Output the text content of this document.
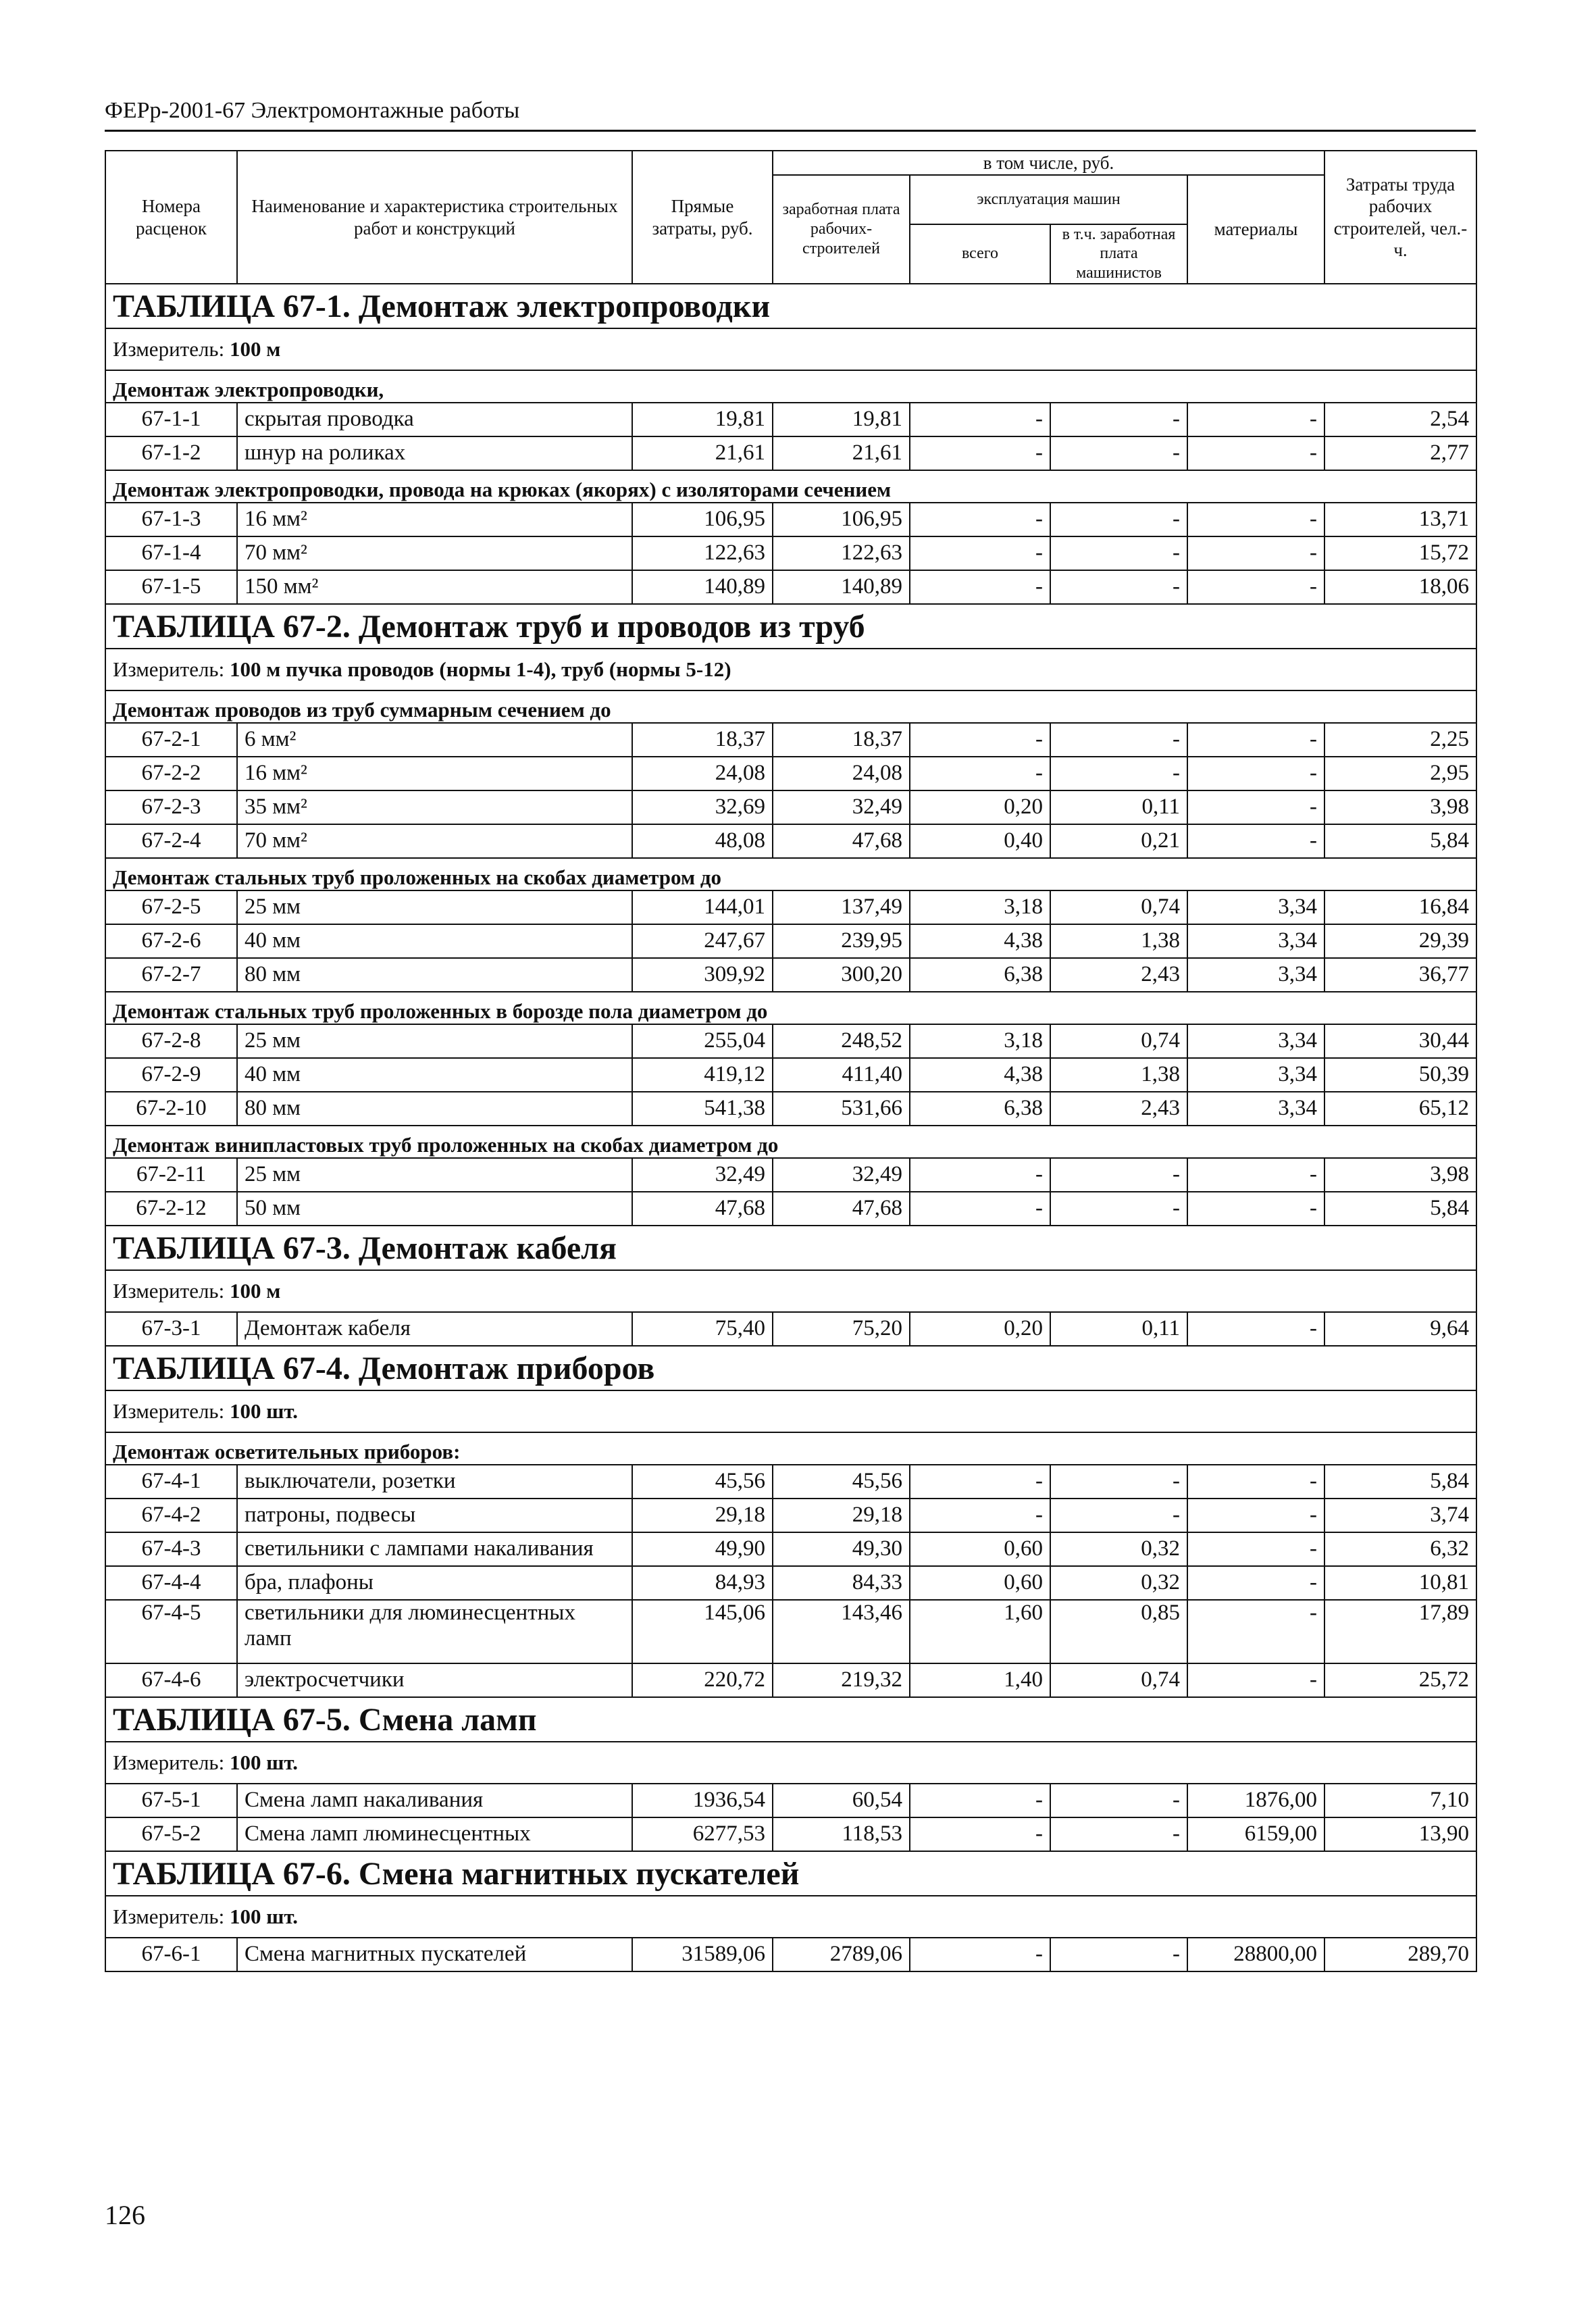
ФЕРр-2001-67 Электромонтажные работы
Номера расценок	Наименование и характеристика строительных работ и конструкций	Прямые затраты, руб.	в том числе, руб.				Затраты труда рабочих строителей, чел.-ч.
			заработная плата рабочих-строителей	эксплуатация машин		материалы	
				всего	в т.ч. заработная плата машинистов		
ТАБЛИЦА 67-1. Демонтаж электропроводки							
Измеритель: 100 м							
Демонтаж электропроводки,							
67-1-1	скрытая проводка	19,81	19,81	-	-	-	2,54
67-1-2	шнур на роликах	21,61	21,61	-	-	-	2,77
Демонтаж электропроводки, провода на крюках (якорях) с изоляторами сечением							
67-1-3	16 мм²	106,95	106,95	-	-	-	13,71
67-1-4	70 мм²	122,63	122,63	-	-	-	15,72
67-1-5	150 мм²	140,89	140,89	-	-	-	18,06
ТАБЛИЦА 67-2. Демонтаж труб и проводов из труб							
Измеритель: 100 м пучка проводов (нормы 1-4), труб (нормы 5-12)							
Демонтаж проводов из труб суммарным сечением до							
67-2-1	6 мм²	18,37	18,37	-	-	-	2,25
67-2-2	16 мм²	24,08	24,08	-	-	-	2,95
67-2-3	35 мм²	32,69	32,49	0,20	0,11	-	3,98
67-2-4	70 мм²	48,08	47,68	0,40	0,21	-	5,84
Демонтаж стальных труб проложенных на скобах диаметром до							
67-2-5	25 мм	144,01	137,49	3,18	0,74	3,34	16,84
67-2-6	40 мм	247,67	239,95	4,38	1,38	3,34	29,39
67-2-7	80 мм	309,92	300,20	6,38	2,43	3,34	36,77
Демонтаж стальных труб проложенных в борозде пола диаметром до							
67-2-8	25 мм	255,04	248,52	3,18	0,74	3,34	30,44
67-2-9	40 мм	419,12	411,40	4,38	1,38	3,34	50,39
67-2-10	80 мм	541,38	531,66	6,38	2,43	3,34	65,12
Демонтаж винипластовых труб проложенных на скобах диаметром до							
67-2-11	25 мм	32,49	32,49	-	-	-	3,98
67-2-12	50 мм	47,68	47,68	-	-	-	5,84
ТАБЛИЦА 67-3. Демонтаж кабеля							
Измеритель: 100 м							
67-3-1	Демонтаж кабеля	75,40	75,20	0,20	0,11	-	9,64
ТАБЛИЦА 67-4. Демонтаж приборов							
Измеритель: 100 шт.							
Демонтаж осветительных приборов:							
67-4-1	выключатели, розетки	45,56	45,56	-	-	-	5,84
67-4-2	патроны, подвесы	29,18	29,18	-	-	-	3,74
67-4-3	светильники с лампами накаливания	49,90	49,30	0,60	0,32	-	6,32
67-4-4	бра, плафоны	84,93	84,33	0,60	0,32	-	10,81
67-4-5	светильники для люминесцентных ламп	145,06	143,46	1,60	0,85	-	17,89
67-4-6	электросчетчики	220,72	219,32	1,40	0,74	-	25,72
ТАБЛИЦА 67-5. Смена ламп							
Измеритель: 100 шт.							
67-5-1	Смена ламп накаливания	1936,54	60,54	-	-	1876,00	7,10
67-5-2	Смена ламп люминесцентных	6277,53	118,53	-	-	6159,00	13,90
ТАБЛИЦА 67-6. Смена магнитных пускателей							
Измеритель: 100 шт.							
67-6-1	Смена магнитных пускателей	31589,06	2789,06	-	-	28800,00	289,70
126
